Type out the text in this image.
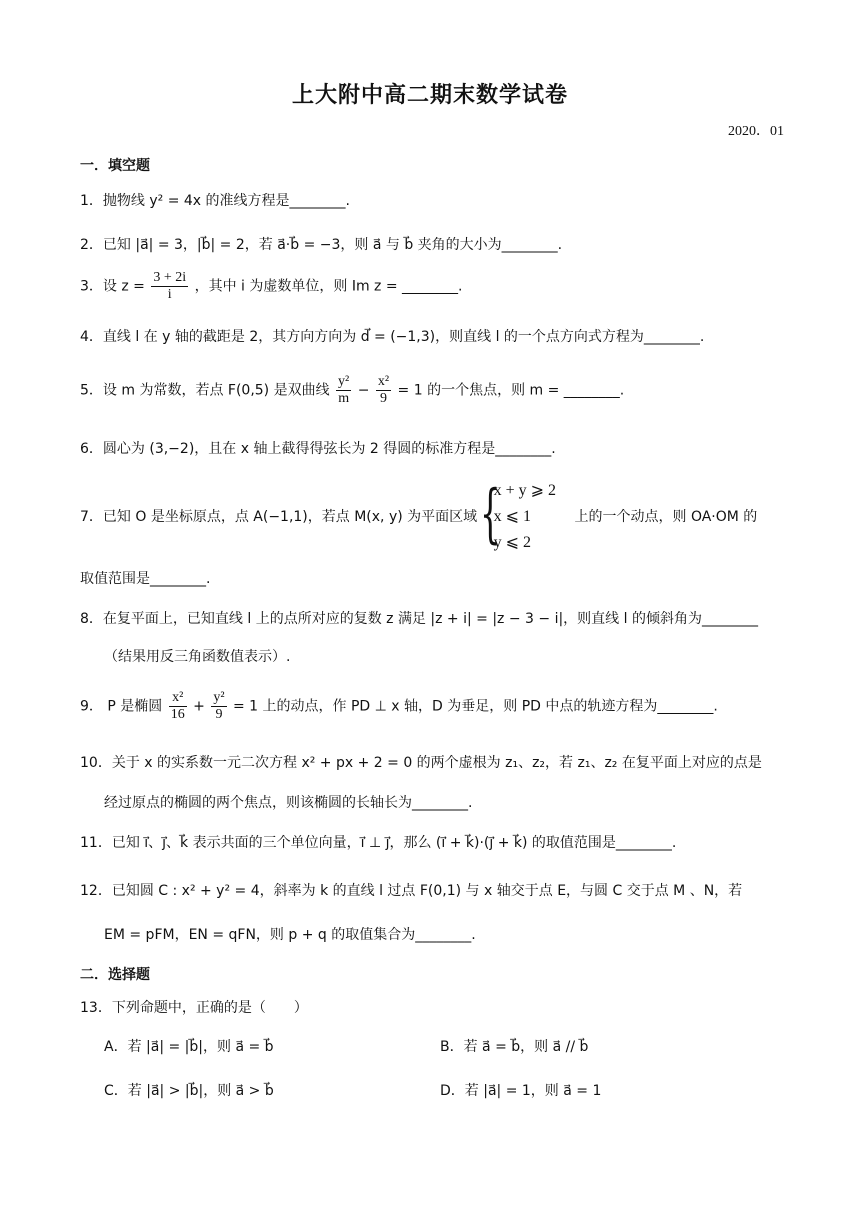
上大附中高二期末数学试卷
2020．01
一．填空题
1．抛物线 y² = 4x 的准线方程是________.
2．已知 |a⃗| = 3，|b⃗| = 2，若 a⃗·b⃗ = −3，则 a⃗ 与 b⃗ 夹角的大小为________.
3．设 $z = \frac{3 + 2i}{i}$ ，其中 i 为虚数单位，则 Im z = ________.
4．直线 l 在 y 轴的截距是 2，其方向方向为 d⃗ = (−1,3)，则直线 l 的一个点方向式方程为________.
5．设 m 为常数，若点 F(0,5) 是双曲线 $\frac{\text{y²}}{m} - \frac{\text{x²}}{9} = 1$ 的一个焦点，则 m = ________.
6．圆心为 (3,−2)，且在 x 轴上截得得弦长为 2 得圆的标准方程是________.
7．已知 O 是坐标原点，点 A(−1,1)，若点 M(x, y) 为平面区域 {
x + y ⩾ 2
x ⩽ 1
y ⩽ 2
上的一个动点，则 OA·OM 的
取值范围是________.
8．在复平面上，已知直线 l 上的点所对应的复数 z 满足 |z + i| = |z − 3 − i|，则直线 l 的倾斜角为________
（结果用反三角函数值表示）.
9． P 是椭圆 $\frac{\text{x²}}{16} + \frac{\text{y²}}{9} = 1$ 上的动点，作 PD ⊥ x 轴，D 为垂足，则 PD 中点的轨迹方程为________.
10．关于 x 的实系数一元二次方程 x² + px + 2 = 0 的两个虚根为 z₁、z₂，若 z₁、z₂ 在复平面上对应的点是
经过原点的椭圆的两个焦点，则该椭圆的长轴长为________.
11．已知 i⃗、j⃗、k⃗ 表示共面的三个单位向量，i⃗ ⊥ j⃗，那么 (i⃗ + k⃗)·(j⃗ + k⃗) 的取值范围是________.
12．已知圆 C : x² + y² = 4，斜率为 k 的直线 l 过点 F(0,1) 与 x 轴交于点 E，与圆 C 交于点 M 、N，若
EM = pFM，EN = qFN，则 p + q 的取值集合为________.
二．选择题
13．下列命题中，正确的是（　　）
A．若 |a⃗| = |b⃗|，则 a⃗ = b⃗	B．若 a⃗ = b⃗，则 a⃗ // b⃗
C．若 |a⃗| > |b⃗|，则 a⃗ > b⃗	D．若 |a⃗| = 1，则 a⃗ = 1
